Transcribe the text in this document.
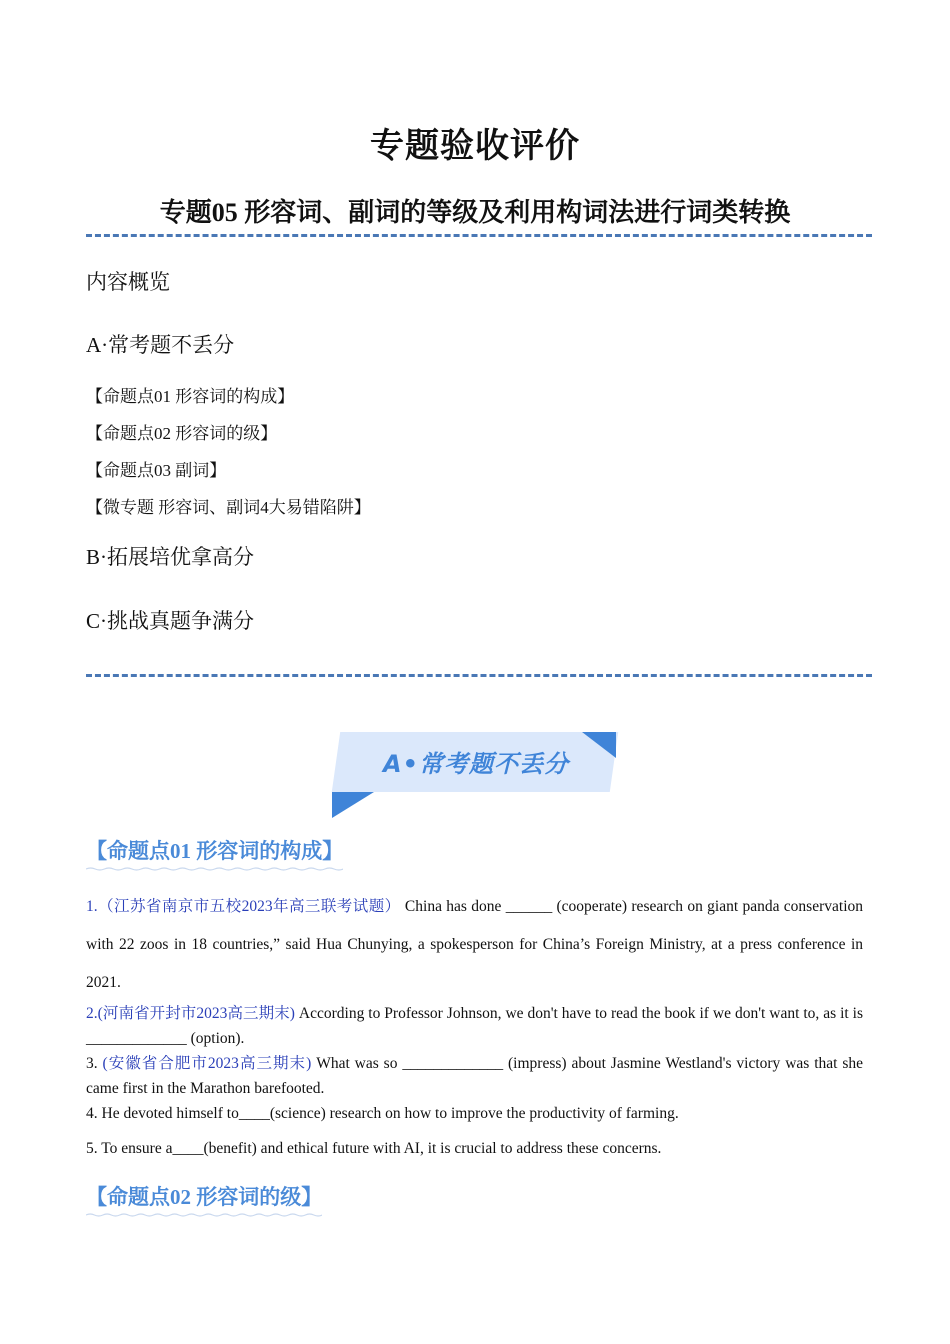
专题验收评价
专题05 形容词、副词的等级及利用构词法进行词类转换
内容概览
A·常考题不丢分
【命题点01 形容词的构成】
【命题点02 形容词的级】
【命题点03 副词】
【微专题 形容词、副词4大易错陷阱】
B·拓展培优拿高分
C·挑战真题争满分
A•常考题不丢分
【命题点01 形容词的构成】
1.（江苏省南京市五校2023年高三联考试题） China has done ______ (cooperate) research on giant panda conservation with 22 zoos in 18 countries,” said Hua Chunying, a spokesperson for China’s Foreign Ministry, at a press conference in 2021.
2.(河南省开封市2023高三期末) According to Professor Johnson, we don't have to read the book if we don't want to, as it is _____________ (option).
3. (安徽省合肥市2023高三期末) What was so _____________ (impress) about Jasmine Westland's victory was that she came first in the Marathon barefooted.
4. He devoted himself to____(science) research on how to improve the productivity of farming.
5. To ensure a____(benefit) and ethical future with AI, it is crucial to address these concerns.
【命题点02 形容词的级】
